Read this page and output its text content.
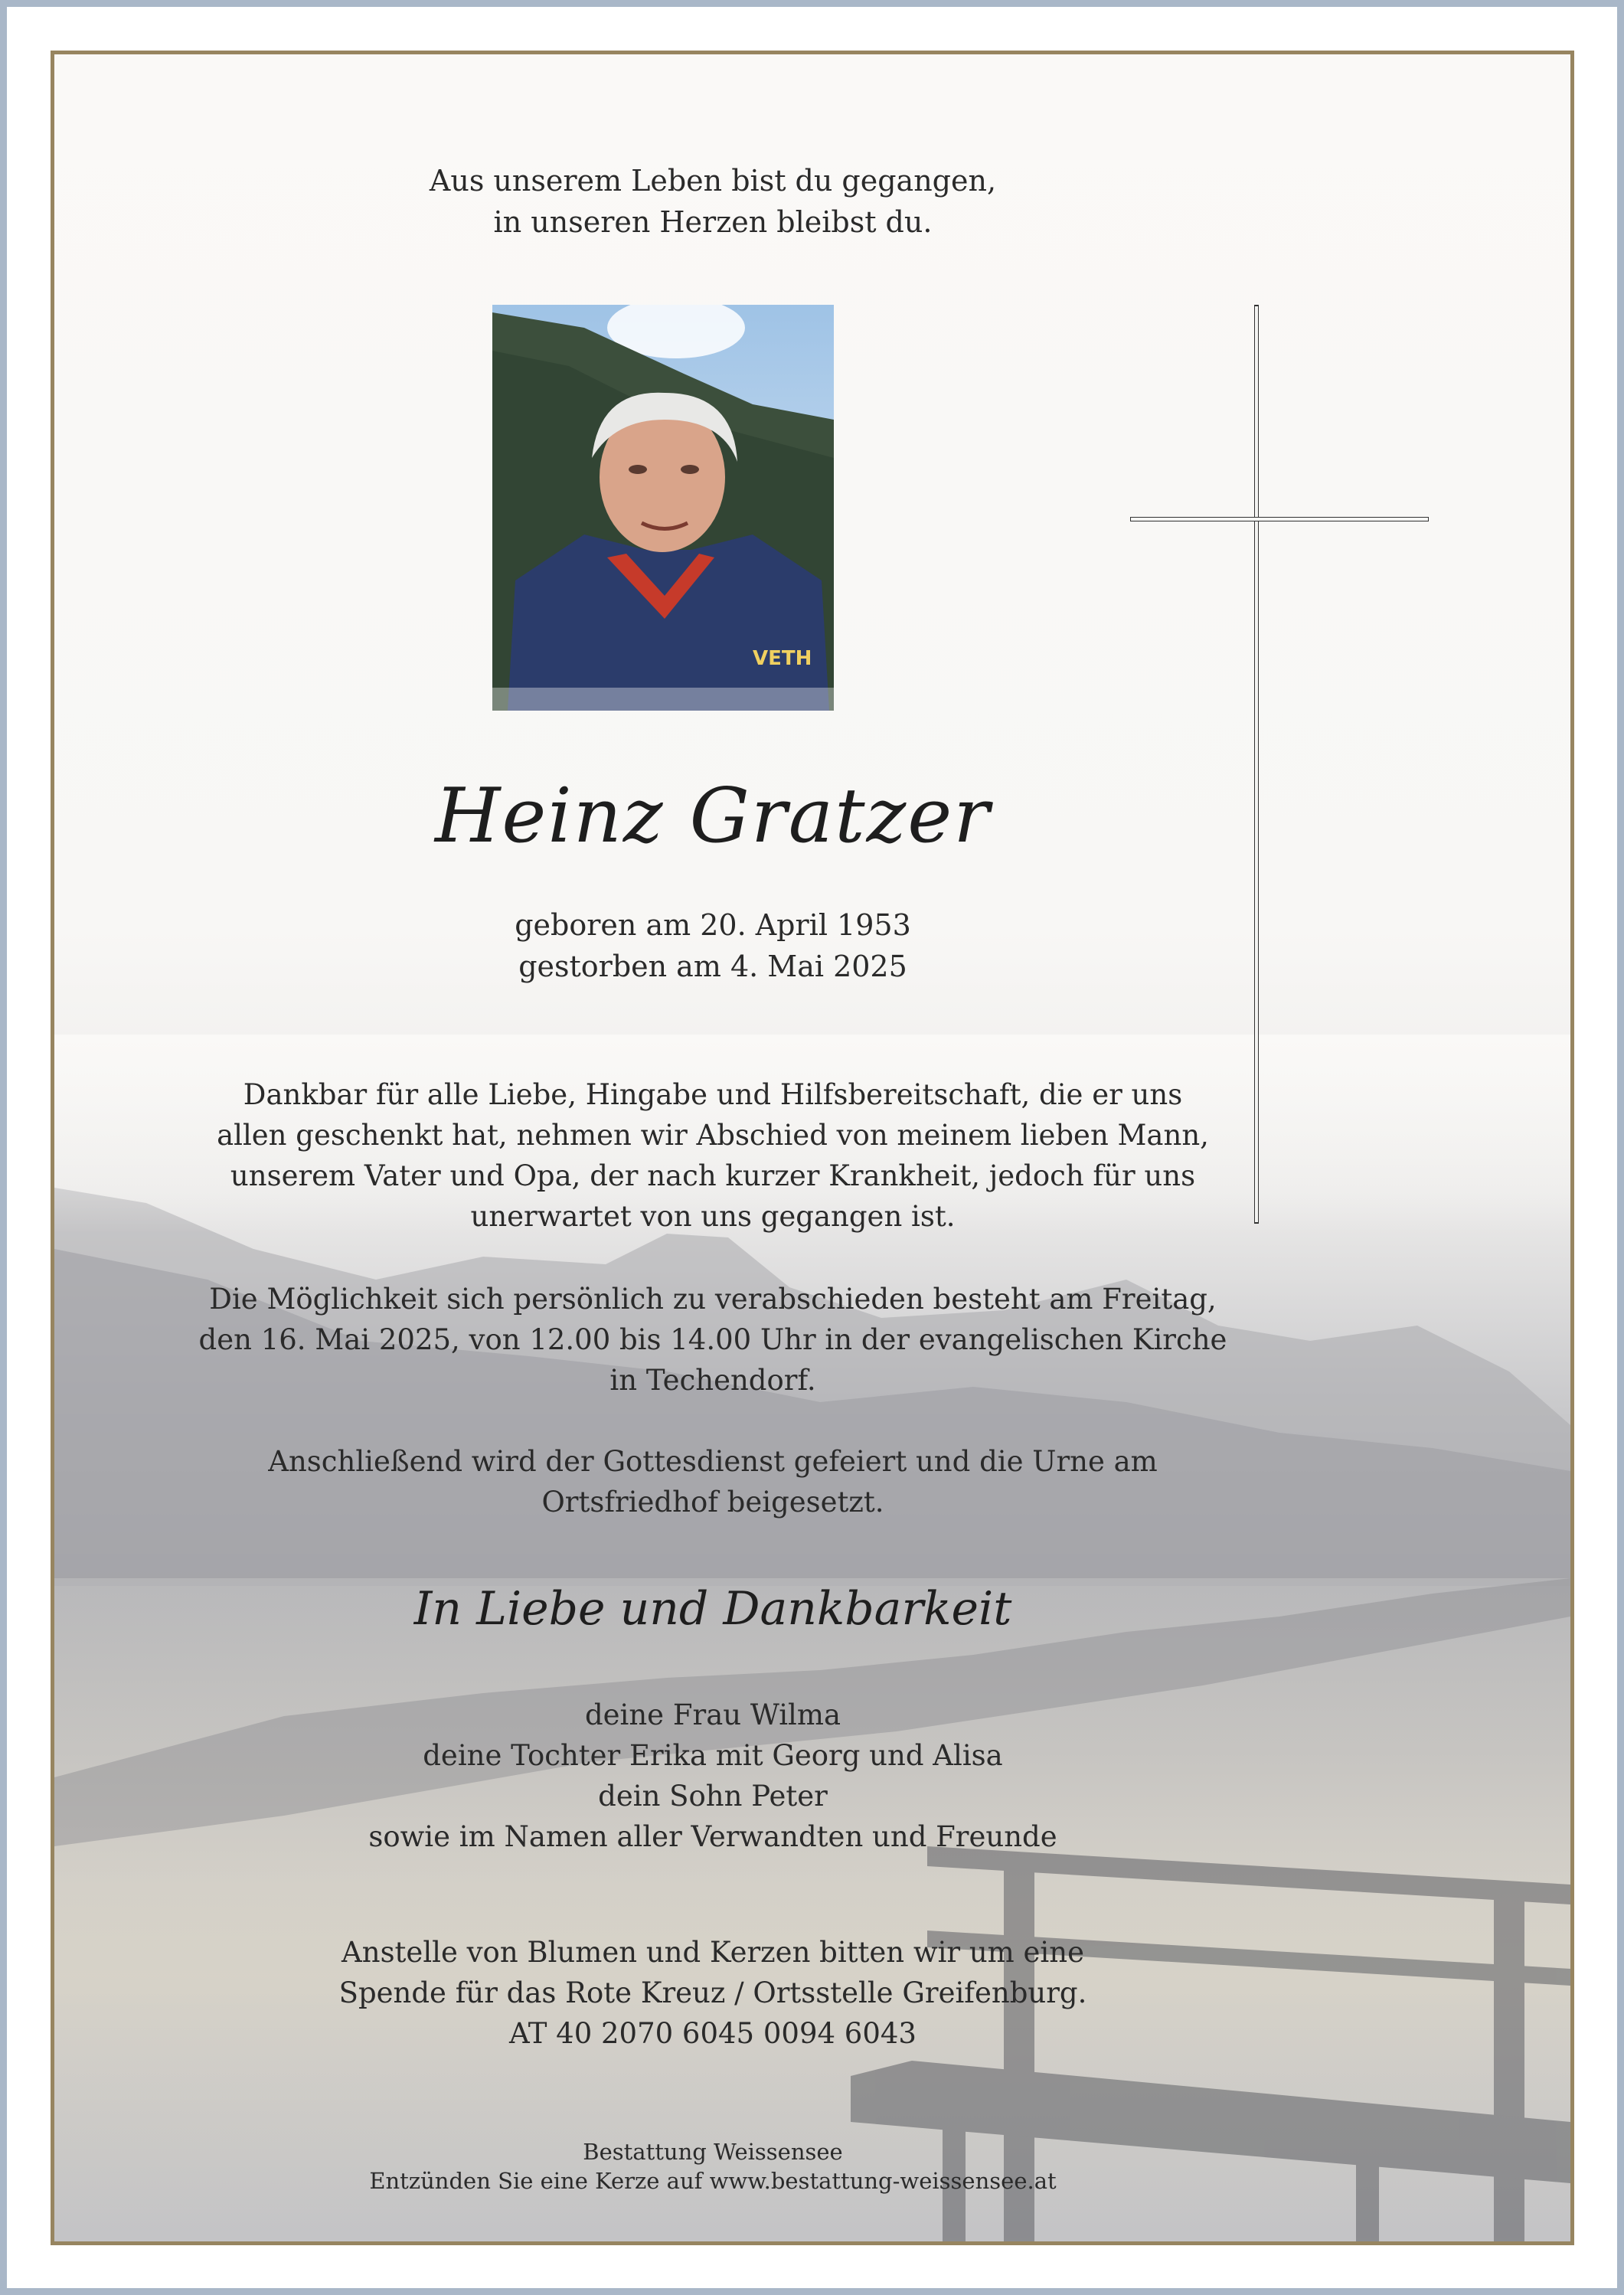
Aus unserem Leben bist du gegangen,
in unseren Herzen bleibst du.
VETH
Heinz Gratzer
geboren am 20. April 1953
gestorben am 4. Mai 2025
Dankbar für alle Liebe, Hingabe und Hilfsbereitschaft, die er uns
allen geschenkt hat, nehmen wir Abschied von meinem lieben Mann,
unserem Vater und Opa, der nach kurzer Krankheit, jedoch für uns
unerwartet von uns gegangen ist.
Die Möglichkeit sich persönlich zu verabschieden besteht am Freitag,
den 16. Mai 2025, von 12.00 bis 14.00 Uhr in der evangelischen Kirche
in Techendorf.
Anschließend wird der Gottesdienst gefeiert und die Urne am
Ortsfriedhof beigesetzt.
In Liebe und Dankbarkeit
deine Frau Wilma
deine Tochter Erika mit Georg und Alisa
dein Sohn Peter
sowie im Namen aller Verwandten und Freunde
Anstelle von Blumen und Kerzen bitten wir um eine
Spende für das Rote Kreuz / Ortsstelle Greifenburg.
AT 40 2070 6045 0094 6043
Bestattung Weissensee
Entzünden Sie eine Kerze auf www.bestattung-weissensee.at
